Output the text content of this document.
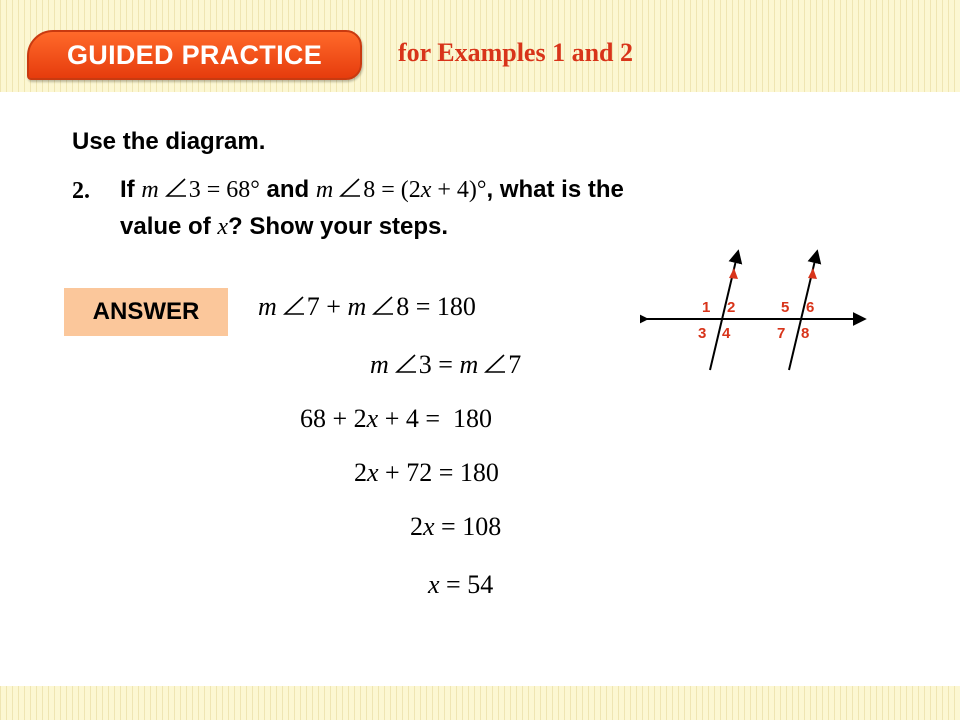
GUIDED PRACTICE	for Examples 1 and 2
Use the diagram.
2. If m 3 = 68° and m 8 = (2x + 4)°, what is the
value of x? Show your steps.
ANSWER m 7 + m 8 = 180
m 3 = m 7
68 + 2x + 4 = 180
2x + 72 = 180
2x = 108
x = 54
1 2
3 4
5 6
7 8
